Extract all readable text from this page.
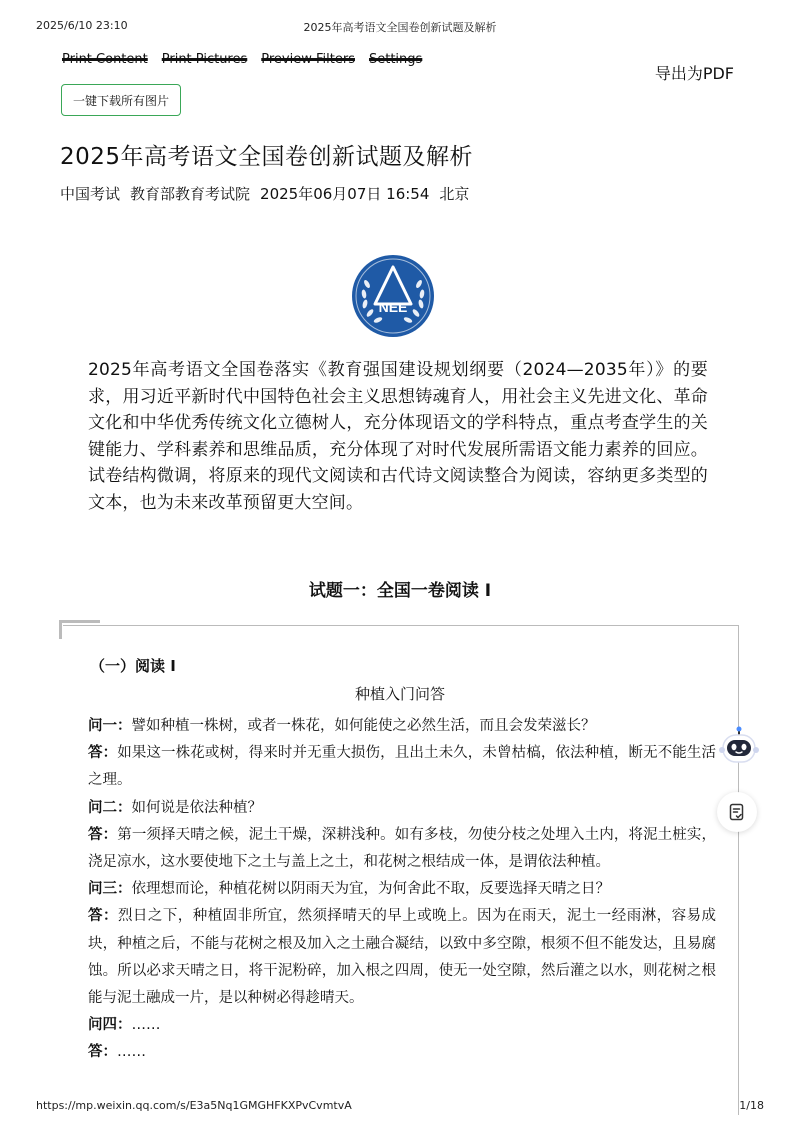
2025/6/10 23:10	2025年高考语文全国卷创新试题及解析
Print Content Print Pictures Preview Filters Settings
导出为PDF
一键下载所有图片
2025年高考语文全国卷创新试题及解析
中国考试 教育部教育考试院 2025年06月07日 16:54 北京
NEE
2025年高考语文全国卷落实《教育强国建设规划纲要（2024—2035年）》的要求，用习近平新时代中国特色社会主义思想铸魂育人，用社会主义先进文化、革命文化和中华优秀传统文化立德树人，充分体现语文的学科特点，重点考查学生的关键能力、学科素养和思维品质，充分体现了对时代发展所需语文能力素养的回应。试卷结构微调，将原来的现代文阅读和古代诗文阅读整合为阅读，容纳更多类型的文本，也为未来改革预留更大空间。
试题一：全国一卷阅读 I
（一）阅读 I
种植入门问答

问一：譬如种植一株树，或者一株花，如何能使之必然生活，而且会发荣滋长？

答：如果这一株花或树，得来时并无重大损伤，且出土未久，未曾枯槁，依法种植，断无不能生活之理。

问二：如何说是依法种植？

答：第一须择天晴之候，泥土干燥，深耕浅种。如有多枝，勿使分枝之处埋入土内，将泥土桩实，浇足凉水，这水要使地下之土与盖上之土，和花树之根结成一体，是谓依法种植。

问三：依理想而论，种植花树以阴雨天为宜，为何舍此不取，反要选择天晴之日？

答：烈日之下，种植固非所宜，然须择晴天的早上或晚上。因为在雨天，泥土一经雨淋，容易成块，种植之后，不能与花树之根及加入之土融合凝结，以致中多空隙，根须不但不能发达，且易腐蚀。所以必求天晴之日，将干泥粉碎，加入根之四周，使无一处空隙，然后灌之以水，则花树之根能与泥土融成一片，是以种树必得趁晴天。

问四：……

答：……

https://mp.weixin.qq.com/s/E3a5Nq1GMGHFKXPvCvmtvA	1/18
